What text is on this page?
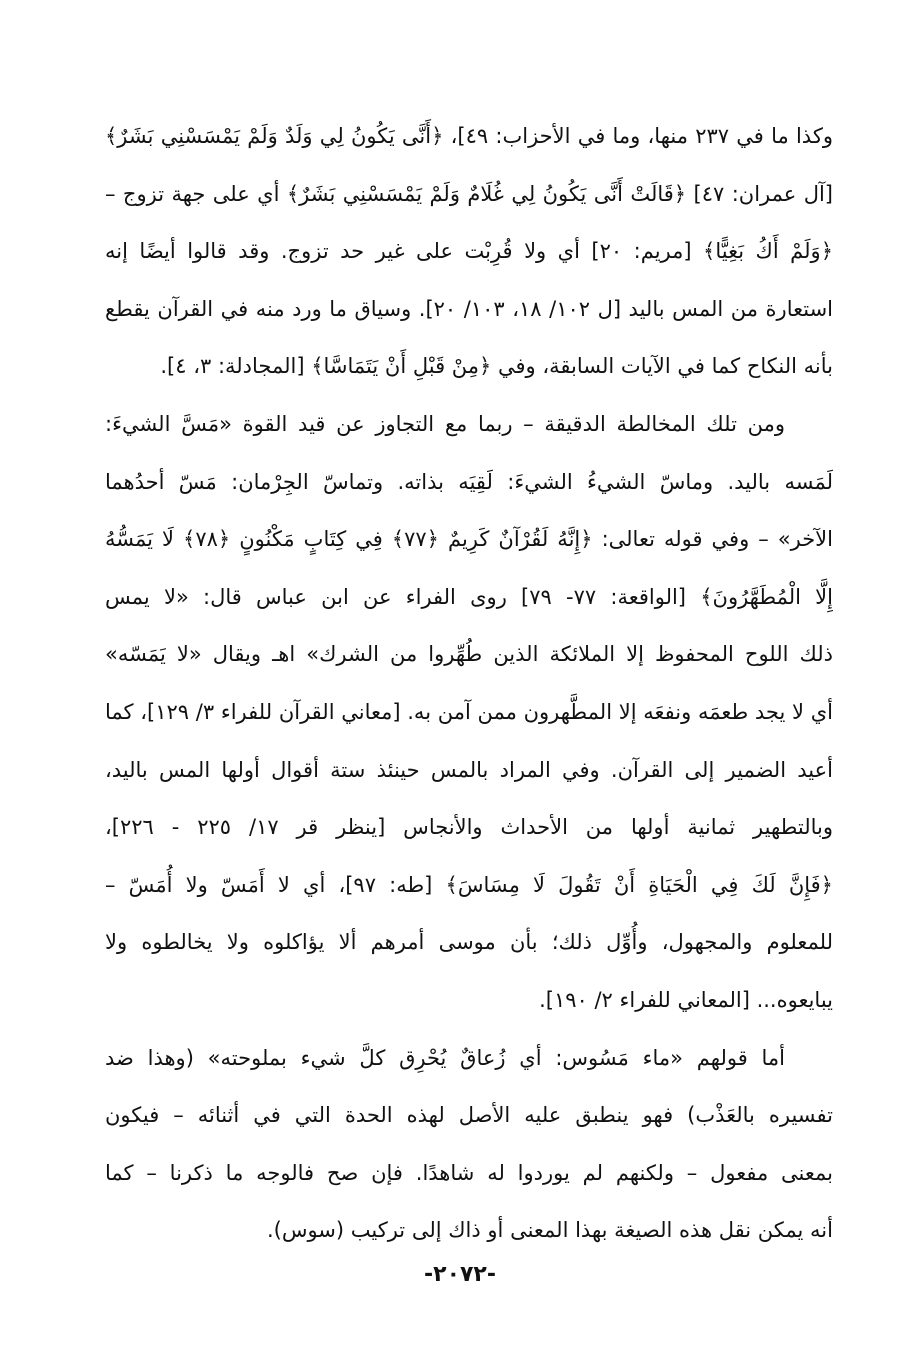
وكذا ما في ٢٣٧ منها، وما في الأحزاب: ٤٩]، ﴿أَنَّى يَكُونُ لِي وَلَدٌ وَلَمْ يَمْسَسْنِي بَشَرٌ﴾
[آل عمران: ٤٧] ﴿قَالَتْ أَنَّى يَكُونُ لِي غُلَامٌ وَلَمْ يَمْسَسْنِي بَشَرٌ﴾ أي على جهة تزوج –
﴿وَلَمْ أَكُ بَغِيًّا﴾ [مريم: ٢٠] أي ولا قُرِبْت على غير حد تزوج. وقد قالوا أيضًا إنه
استعارة من المس باليد [ل ١٠٢/ ١٨، ١٠٣/ ٢٠]. وسياق ما ورد منه في القرآن يقطع
بأنه النكاح كما في الآيات السابقة، وفي ﴿مِنْ قَبْلِ أَنْ يَتَمَاسَّا﴾ [المجادلة: ٣، ٤].
ومن تلك المخالطة الدقيقة – ربما مع التجاوز عن قيد القوة «مَسَّ الشيءَ:
لَمَسه باليد. وماسّ الشيءُ الشيءَ: لَقِيَه بذاته. وتماسّ الجِرْمان: مَسّ أحدُهما
الآخر» – وفي قوله تعالى: ﴿إِنَّهُ لَقُرْآنٌ كَرِيمٌ ﴿٧٧﴾ فِي كِتَابٍ مَكْنُونٍ ﴿٧٨﴾ لَا يَمَسُّهُ
إِلَّا الْمُطَهَّرُونَ﴾ [الواقعة: ٧٧- ٧٩] روى الفراء عن ابن عباس قال: «لا يمس
ذلك اللوح المحفوظ إلا الملائكة الذين طُهِّروا من الشرك» اهـ ويقال «لا يَمَسّه»
أي لا يجد طعمَه ونفعَه إلا المطَّهرون ممن آمن به. [معاني القرآن للفراء ٣/ ١٢٩]، كما
أعيد الضمير إلى القرآن. وفي المراد بالمس حينئذ ستة أقوال أولها المس باليد،
وبالتطهير ثمانية أولها من الأحداث والأنجاس [ينظر قر ١٧/ ٢٢٥ - ٢٢٦]،
﴿فَإِنَّ لَكَ فِي الْحَيَاةِ أَنْ تَقُولَ لَا مِسَاسَ﴾ [طه: ٩٧]، أي لا أَمَسّ ولا أُمَسّ –
للمعلوم والمجهول، وأُوِّل ذلك؛ بأن موسى أمرهم ألا يؤاكلوه ولا يخالطوه ولا
يبايعوه... [المعاني للفراء ٢/ ١٩٠].
أما قولهم «ماء مَسُوس: أي زُعاقٌ يُحْرِق كلَّ شيء بملوحته» (وهذا ضد
تفسيره بالعَذْب) فهو ينطبق عليه الأصل لهذه الحدة التي في أثنائه – فيكون
بمعنى مفعول – ولكنهم لم يوردوا له شاهدًا. فإن صح فالوجه ما ذكرنا – كما
أنه يمكن نقل هذه الصيغة بهذا المعنى أو ذاك إلى تركيب (سوس).
-٢٠٧٢-
